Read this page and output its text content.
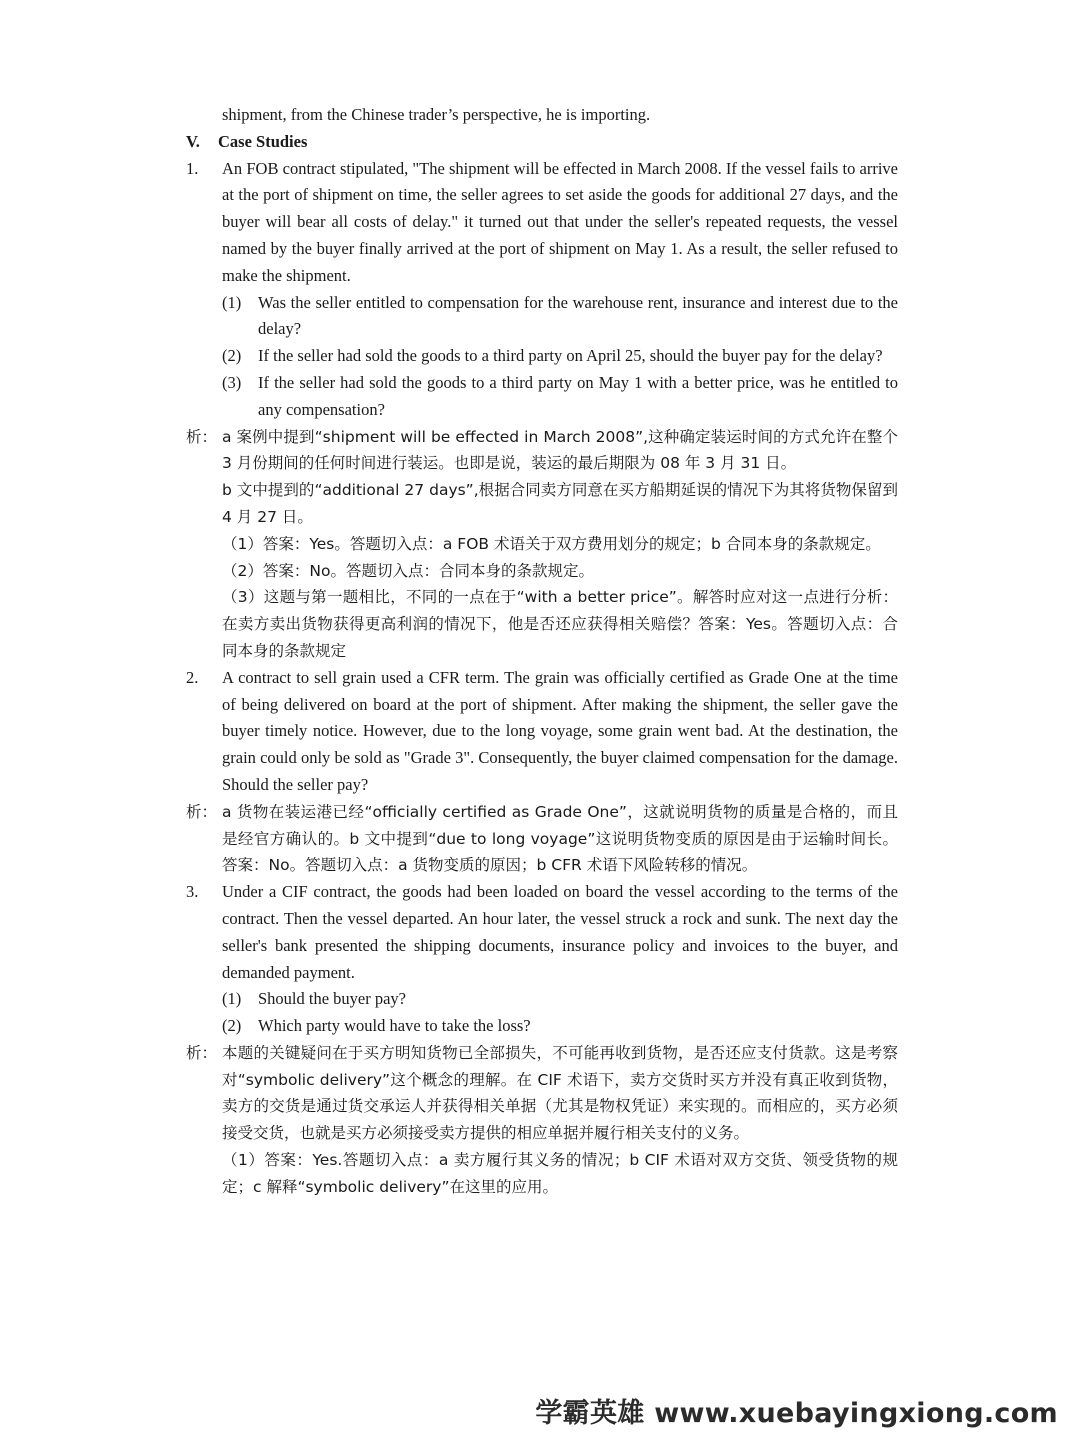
shipment, from the Chinese trader’s perspective, he is importing.

V. Case Studies

1.	An FOB contract stipulated, "The shipment will be effected in March 2008. If the vessel fails to arrive at the port of shipment on time, the seller agrees to set aside the goods for additional 27 days, and the buyer will bear all costs of delay." it turned out that under the seller's repeated requests, the vessel named by the buyer finally arrived at the port of shipment on May 1. As a result, the seller refused to make the shipment.
(1)	Was the seller entitled to compensation for the warehouse rent, insurance and interest due to the delay?
(2)	If the seller had sold the goods to a third party on April 25, should the buyer pay for the delay?
(3)	If the seller had sold the goods to a third party on May 1 with a better price, was he entitled to any compensation?
析： a 案例中提到“shipment will be effected in March 2008”,这种确定装运时间的方式允许在整个 3 月份期间的任何时间进行装运。也即是说，装运的最后期限为 08 年 3 月 31 日。

b 文中提到的“additional 27 days”,根据合同卖方同意在买方船期延误的情况下为其将货物保留到 4 月 27 日。

（1）答案：Yes。答题切入点：a FOB 术语关于双方费用划分的规定；b 合同本身的条款规定。

（2）答案：No。答题切入点：合同本身的条款规定。

（3）这题与第一题相比，不同的一点在于“with a better price”。解答时应对这一点进行分析：在卖方卖出货物获得更高利润的情况下，他是否还应获得相关赔偿？答案：Yes。答题切入点：合同本身的条款规定

2.	A contract to sell grain used a CFR term. The grain was officially certified as Grade One at the time of being delivered on board at the port of shipment. After making the shipment, the seller gave the buyer timely notice. However, due to the long voyage, some grain went bad. At the destination, the grain could only be sold as "Grade 3". Consequently, the buyer claimed compensation for the damage. Should the seller pay?
析： a 货物在装运港已经“officially certified as Grade One”，这就说明货物的质量是合格的，而且是经官方确认的。b 文中提到“due to long voyage”这说明货物变质的原因是由于运输时间长。答案：No。答题切入点：a 货物变质的原因；b CFR 术语下风险转移的情况。

3.	Under a CIF contract, the goods had been loaded on board the vessel according to the terms of the contract. Then the vessel departed. An hour later, the vessel struck a rock and sunk. The next day the seller's bank presented the shipping documents, insurance policy and invoices to the buyer, and demanded payment.
(1)	Should the buyer pay?
(2)	Which party would have to take the loss?
析： 本题的关键疑问在于买方明知货物已全部损失，不可能再收到货物，是否还应支付货款。这是考察对“symbolic delivery”这个概念的理解。在 CIF 术语下，卖方交货时买方并没有真正收到货物，卖方的交货是通过货交承运人并获得相关单据（尤其是物权凭证）来实现的。而相应的，买方必须接受交货，也就是买方必须接受卖方提供的相应单据并履行相关支付的义务。

（1）答案：Yes.答题切入点：a 卖方履行其义务的情况；b CIF 术语对双方交货、领受货物的规定；c 解释“symbolic delivery”在这里的应用。

学霸英雄 www.xuebayingxiong.com
